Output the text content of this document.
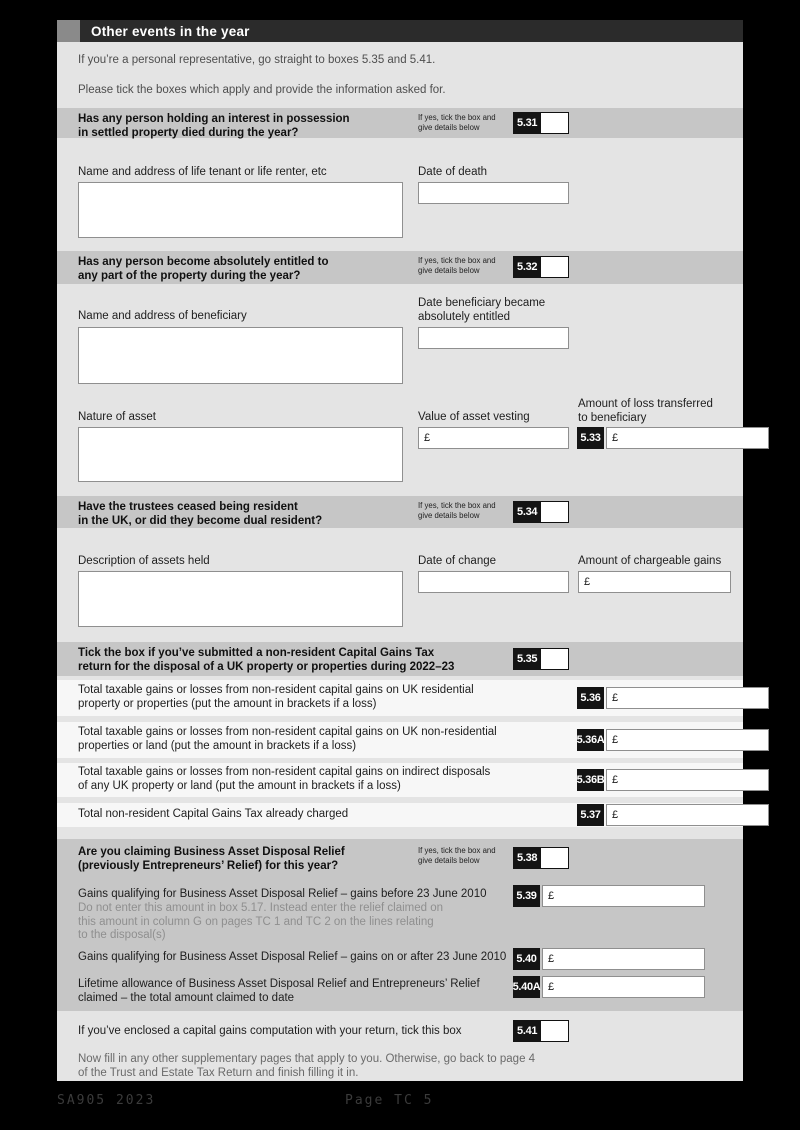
Other events in the year
If you’re a personal representative, go straight to boxes 5.35 and 5.41.
Please tick the boxes which apply and provide the information asked for.
Has any person holding an interest in possession
in settled property died during the year?
If yes, tick the box and
give details below	5.31
Name and address of life tenant or life renter, etc	Date of death
Has any person become absolutely entitled to
any part of the property during the year?
If yes, tick the box and
give details below	5.32
Date beneficiary became
absolutely entitled
Name and address of beneficiary
Amount of loss transferred
to beneficiary
Nature of asset	Value of asset vesting
£	5.33	£
Have the trustees ceased being resident
in the UK, or did they become dual resident?
If yes, tick the box and
give details below	5.34
Description of assets held	Date of change	Amount of chargeable gains
£
Tick the box if you’ve submitted a non-resident Capital Gains Tax
return for the disposal of a UK property or properties during 2022–23
5.35
Total taxable gains or losses from non-resident capital gains on UK residential
property or properties (put the amount in brackets if a loss)	5.36	£
Total taxable gains or losses from non-resident capital gains on UK non-residential
properties or land (put the amount in brackets if a loss)	5.36A £
Total taxable gains or losses from non-resident capital gains on indirect disposals
of any UK property or land (put the amount in brackets if a loss)	5.36B £
Total non-resident Capital Gains Tax already charged	5.37	£
Are you claiming Business Asset Disposal Relief
(previously Entrepreneurs’ Relief) for this year?
If yes, tick the box and
give details below	5.38
Gains qualifying for Business Asset Disposal Relief – gains before 23 June 2010
Do not enter this amount in box 5.17. Instead enter the relief claimed on
this amount in column G on pages TC 1 and TC 2 on the lines relating
to the disposal(s)
5.39	£
Gains qualifying for Business Asset Disposal Relief – gains on or after 23 June 2010 5.40	£
Lifetime allowance of Business Asset Disposal Relief and Entrepreneurs’ Relief
claimed – the total amount claimed to date
5.40A £
If you’ve enclosed a capital gains computation with your return, tick this box	5.41
Now fill in any other supplementary pages that apply to you. Otherwise, go back to page 4
of the Trust and Estate Tax Return and finish filling it in.
SA905 2023	Page TC 5
